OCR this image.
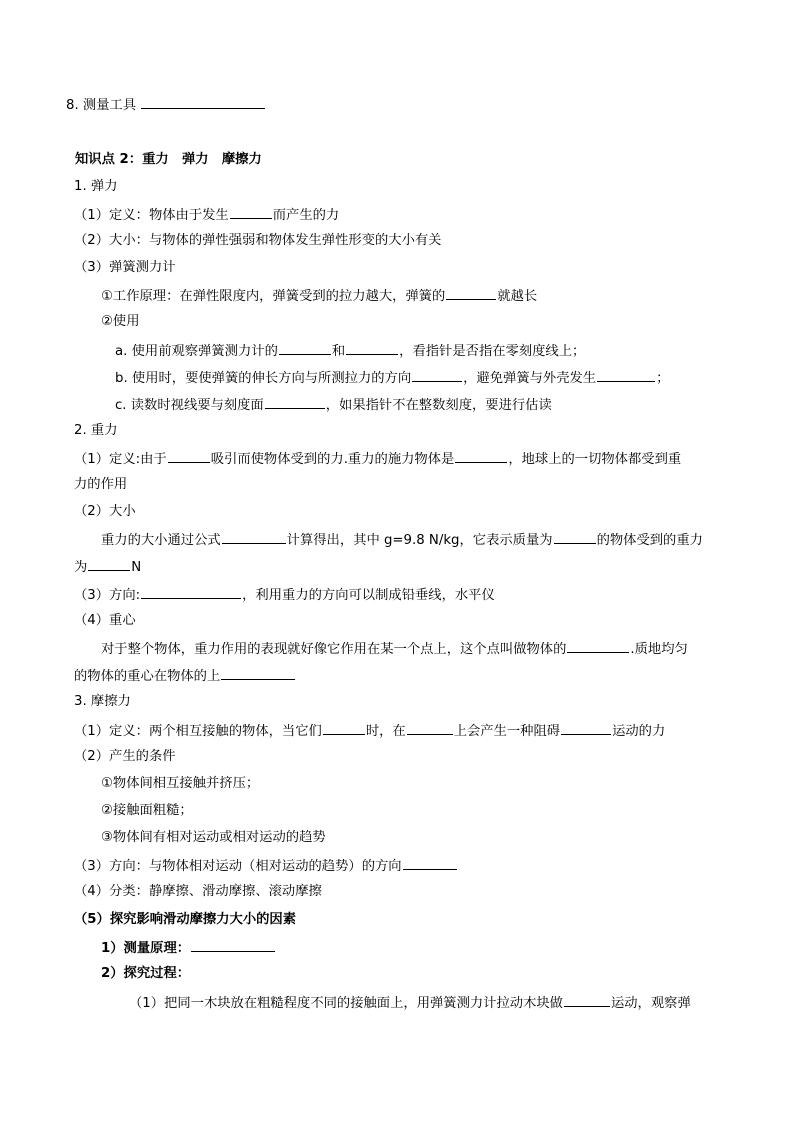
8. 测量工具
知识点 2：重力　弹力　摩擦力
1. 弹力
（1）定义：物体由于发生	而产生的力
（2）大小：与物体的弹性强弱和物体发生弹性形变的大小有关
（3）弹簧测力计
①工作原理：在弹性限度内，弹簧受到的拉力越大，弹簧的	就越长
②使用
a. 使用前观察弹簧测力计的	和	，看指针是否指在零刻度线上；
b. 使用时，要使弹簧的伸长方向与所测拉力的方向	，避免弹簧与外壳发生	；
c. 读数时视线要与刻度面	，如果指针不在整数刻度，要进行估读
2. 重力
（1）定义:由于	吸引而使物体受到的力.重力的施力物体是	，地球上的一切物体都受到重
力的作用
（2）大小
重力的大小通过公式	计算得出，其中 g=9.8 N/kg，它表示质量为	的物体受到的重力
为	N
（3）方向:	，利用重力的方向可以制成铅垂线，水平仪
（4）重心
对于整个物体，重力作用的表现就好像它作用在某一个点上，这个点叫做物体的	.质地均匀
的物体的重心在物体的上
3. 摩擦力
（1）定义：两个相互接触的物体，当它们	时，在	上会产生一种阻碍	运动的力
（2）产生的条件
①物体间相互接触并挤压；
②接触面粗糙；
③物体间有相对运动或相对运动的趋势
（3）方向：与物体相对运动（相对运动的趋势）的方向
（4）分类：静摩擦、滑动摩擦、滚动摩擦
（5）探究影响滑动摩擦力大小的因素
1）测量原理：
2）探究过程：
（1）把同一木块放在粗糙程度不同的接触面上，用弹簧测力计拉动木块做	运动，观察弹
